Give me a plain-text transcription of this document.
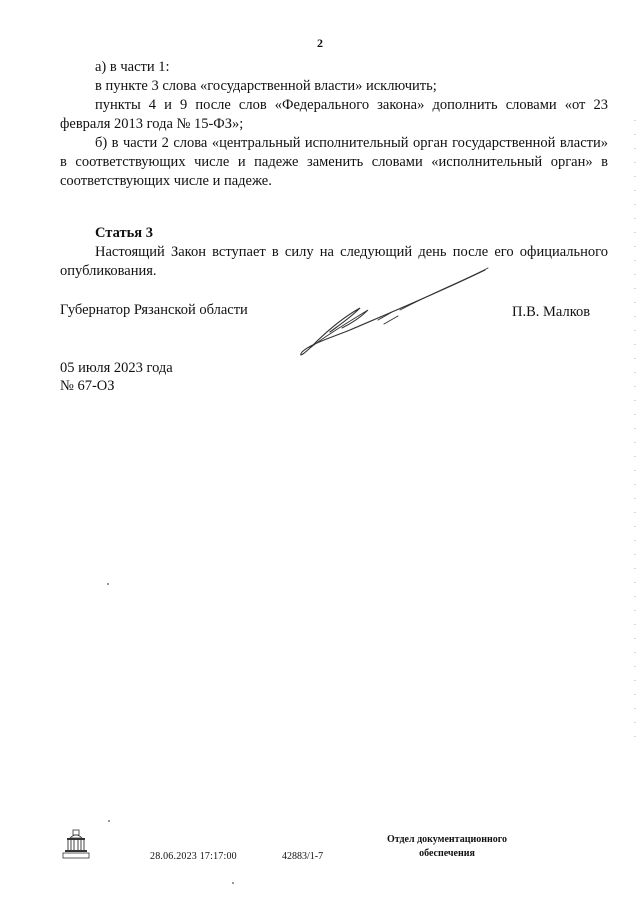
2

а) в части 1:

в пункте 3 слова «государственной власти» исключить;

пункты 4 и 9 после слов «Федерального закона» дополнить словами «от 23 февраля 2013 года № 15-ФЗ»;

б) в части 2 слова «центральный исполнительный орган государственной власти» в соответствующих числе и падеже заменить словами «исполнительный орган» в соответствующих числе и падеже.

Статья 3
Настоящий Закон вступает в силу на следующий день после его официального опубликования.
Губернатор Рязанской области	П.В. Малков
05 июля 2023 года
№ 67-ОЗ
28.06.2023 17:17:00	42883/1-7
Отдел документационного
обеспечения
